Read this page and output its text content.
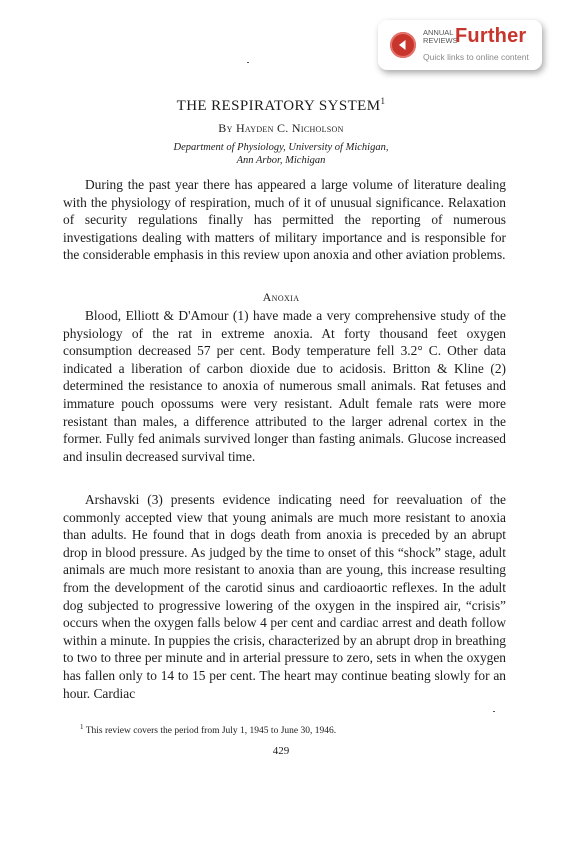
ANNUAL
REVIEWS
Further
Quick links to online content
THE RESPIRATORY SYSTEM$^1$
By Hayden C. Nicholson
Department of Physiology, University of Michigan,
Ann Arbor, Michigan

During the past year there has appeared a large volume of literature dealing with the physiology of respiration, much of it of unusual significance. Relaxation of security regulations finally has permitted the reporting of numerous investigations dealing with matters of military importance and is responsible for the considerable emphasis in this review upon anoxia and other aviation problems.

Anoxia

Blood, Elliott & D'Amour (1) have made a very comprehensive study of the physiology of the rat in extreme anoxia. At forty thousand feet oxygen consumption decreased 57 per cent. Body temperature fell 3.2° C. Other data indicated a liberation of carbon dioxide due to acidosis. Britton & Kline (2) determined the resistance to anoxia of numerous small animals. Rat fetuses and immature pouch opossums were very resistant. Adult female rats were more resistant than males, a difference attributed to the larger adrenal cortex in the former. Fully fed animals survived longer than fasting animals. Glucose increased and insulin decreased survival time.

Arshavski (3) presents evidence indicating need for reevaluation of the commonly accepted view that young animals are much more resistant to anoxia than adults. He found that in dogs death from anoxia is preceded by an abrupt drop in blood pressure. As judged by the time to onset of this “shock” stage, adult animals are much more resistant to anoxia than are young, this increase resulting from the development of the carotid sinus and cardioaortic reflexes. In the adult dog subjected to progressive lowering of the oxygen in the inspired air, “crisis” occurs when the oxygen falls below 4 per cent and cardiac arrest and death follow within a minute. In puppies the crisis, characterized by an abrupt drop in breathing to two to three per minute and in arterial pressure to zero, sets in when the oxygen has fallen only to 14 to 15 per cent. The heart may continue beating slowly for an hour. Cardiac

$^1$ This review covers the period from July 1, 1945 to June 30, 1946.
429
